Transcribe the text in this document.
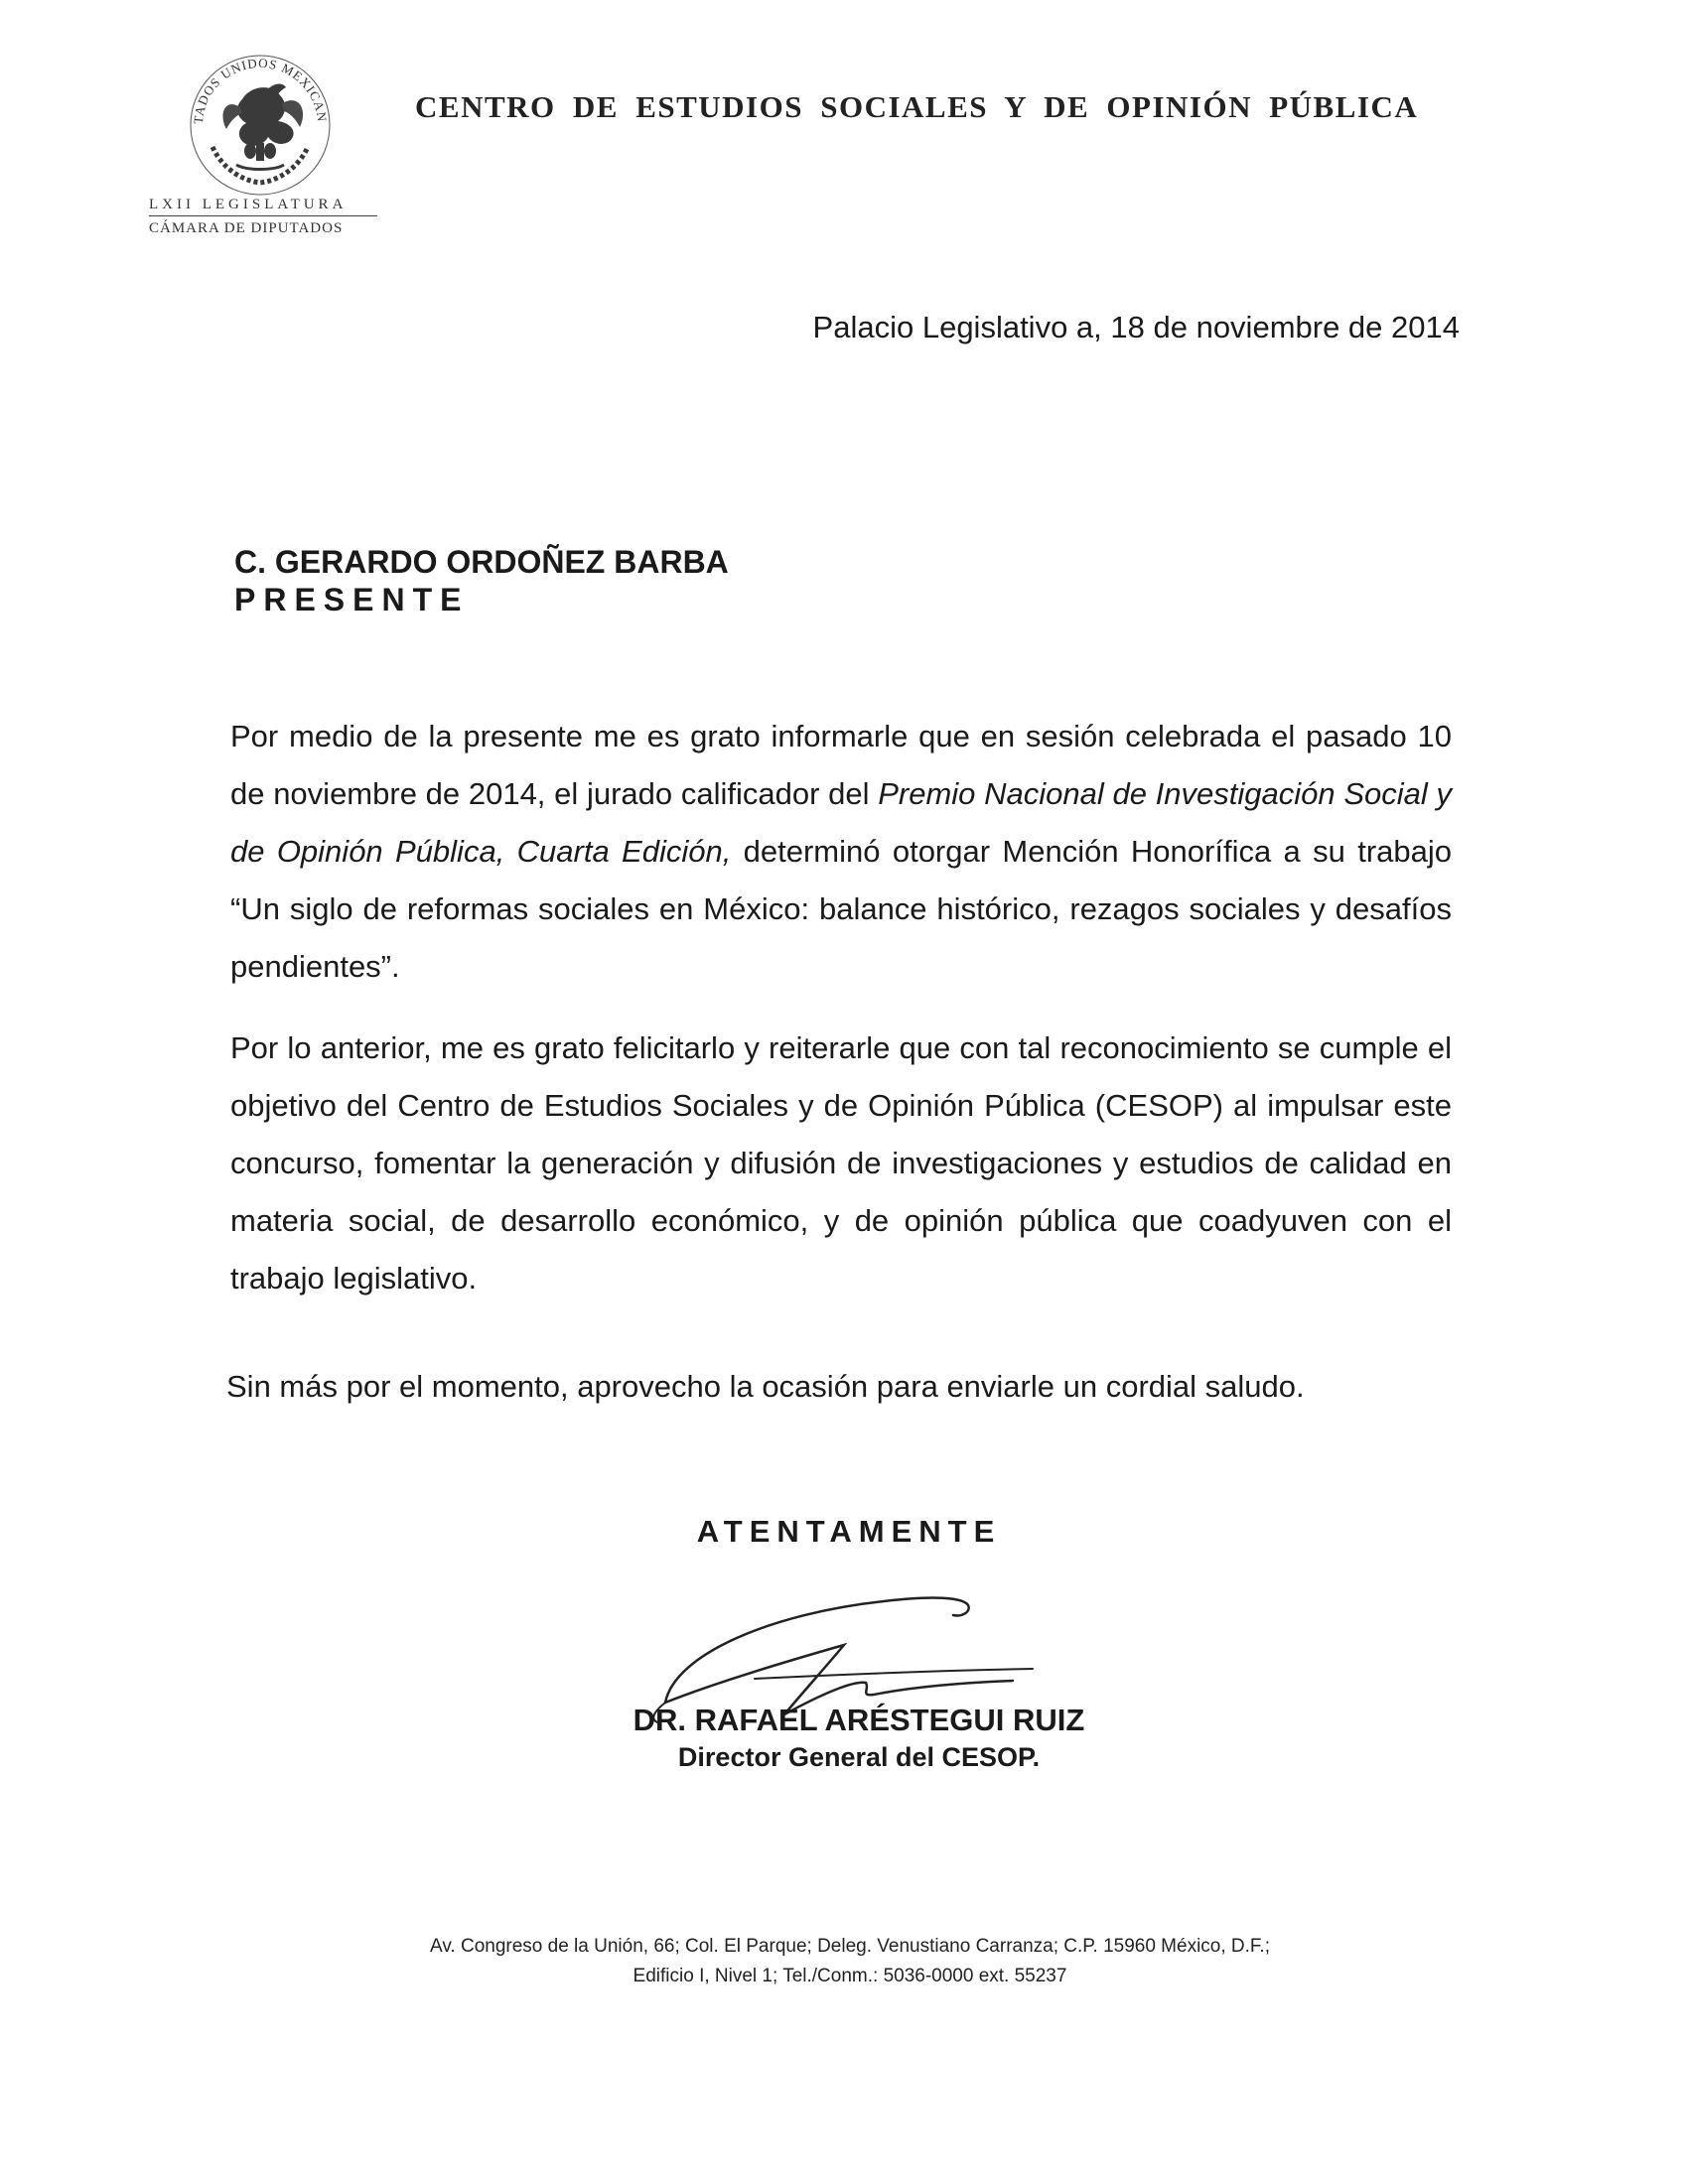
TADOS UNIDOS MEXICAN
LXII LEGISLATURA
CÁMARA DE DIPUTADOS
CENTRO DE ESTUDIOS SOCIALES Y DE OPINIÓN PÚBLICA
Palacio Legislativo a, 18 de noviembre de 2014
C. GERARDO ORDOÑEZ BARBA
PRESENTE
Por medio de la presente me es grato informarle que en sesión celebrada el pasado 10 de noviembre de 2014, el jurado calificador del Premio Nacional de Investigación Social y de Opinión Pública, Cuarta Edición, determinó otorgar Mención Honorífica a su trabajo “Un siglo de reformas sociales en México: balance histórico, rezagos sociales y desafíos pendientes”.
Por lo anterior, me es grato felicitarlo y reiterarle que con tal reconocimiento se cumple el objetivo del Centro de Estudios Sociales y de Opinión Pública (CESOP) al impulsar este concurso, fomentar la generación y difusión de investigaciones y estudios de calidad en materia social, de desarrollo económico, y de opinión pública que coadyuven con el trabajo legislativo.
Sin más por el momento, aprovecho la ocasión para enviarle un cordial saludo.
ATENTAMENTE
DR. RAFAEL ARÉSTEGUI RUIZ
Director General del CESOP.
Av. Congreso de la Unión, 66; Col. El Parque; Deleg. Venustiano Carranza; C.P. 15960 México, D.F.;
Edificio I, Nivel 1; Tel./Conm.: 5036-0000 ext. 55237
